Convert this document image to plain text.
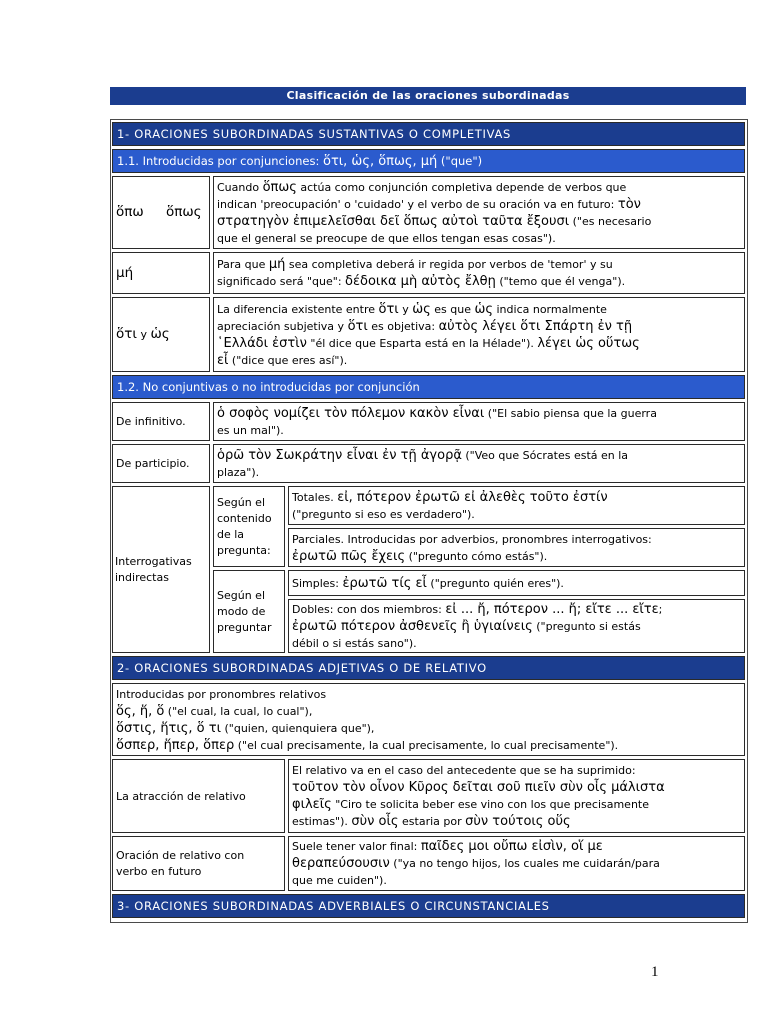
Clasificación de las oraciones subordinadas
1- ORACIONES SUBORDINADAS SUSTANTIVAS O COMPLETIVAS
1.1. Introducidas por conjunciones: ὅτι, ὡς, ὅπως, μή ("que")
ὅπω ὅπως
Cuando ὅπως actúa como conjunción completiva depende de verbos que
indican 'preocupación' o 'cuidado' y el verbo de su oración va en futuro: τὸν
στρατηγὸν ἐπιμελεῖσθαι δεῖ ὅπως αὐτοὶ ταῦτα ἔξουσι ("es necesario
que el general se preocupe de que ellos tengan esas cosas").
μή	Para que μή sea completiva deberá ir regida por verbos de 'temor' y su
significado será "que": δέδοικα μὴ αὐτὸς ἔλθῃ ("temo que él venga").
ὅτι y ὡς
La diferencia existente entre ὅτι y ὡς es que ὡς indica normalmente
apreciación subjetiva y ὅτι es objetiva: αὐτὸς λέγει ὅτι Σπάρτη ἐν τῇ
῾Ελλάδι ἐστὶν "él dice que Esparta está en la Hélade"). λέγει ὡς οὕτως
εἶ ("dice que eres así").
1.2. No conjuntivas o no introducidas por conjunción
De infinitivo.
ὁ σοφὸς νομίζει τὸν πόλεμον κακὸν εἶναι ("El sabio piensa que la guerra
es un mal").
De participio.
ὁρῶ τὸν Σωκράτην εἶναι ἐν τῇ ἀγορᾷ ("Veo que Sócrates está en la
plaza").
Interrogativas
indirectas
Según el
contenido
de la
pregunta:
Según el
modo de
preguntar
Totales. εἰ, πότερον ἐρωτῶ εἰ ἀλεθὲς τοῦτο ἐστίν
("pregunto si eso es verdadero").
Parciales. Introducidas por adverbios, pronombres interrogativos:
ἐρωτῶ πῶς ἔχεις ("pregunto cómo estás").
Simples: ἐρωτῶ τίς εἶ ("pregunto quién eres").
Dobles: con dos miembros: εἰ ... ἤ, πότερον ... ἤ; εἴτε ... εἴτε;
ἐρωτῶ πότερον ἀσθενεῖς ἢ ὑγιαίνεις ("pregunto si estás
débil o si estás sano").
2- ORACIONES SUBORDINADAS ADJETIVAS O DE RELATIVO
Introducidas por pronombres relativos
ὅς, ἥ, ὅ ("el cual, la cual, lo cual"),
ὅστις, ἥτις, ὅ τι ("quien, quienquiera que"),
ὅσπερ, ἥπερ, ὅπερ ("el cual precisamente, la cual precisamente, lo cual precisamente").
La atracción de relativo
El relativo va en el caso del antecedente que se ha suprimido:
τοῦτον τὸν οἶνον Κῦρος δεῖται σοῦ πιεῖν σὺν οἷς μάλιστα
φιλεῖς "Ciro te solicita beber ese vino con los que precisamente
estimas"). σὺν οἷς estaria por σὺν τούτοις οὕς
Oración de relativo con
verbo en futuro
Suele tener valor final: παῖδες μοι οὔπω εἰσὶν, οἵ με
θεραπεύσουσιν ("ya no tengo hijos, los cuales me cuidarán/para
que me cuiden").
3- ORACIONES SUBORDINADAS ADVERBIALES O CIRCUNSTANCIALES
1
